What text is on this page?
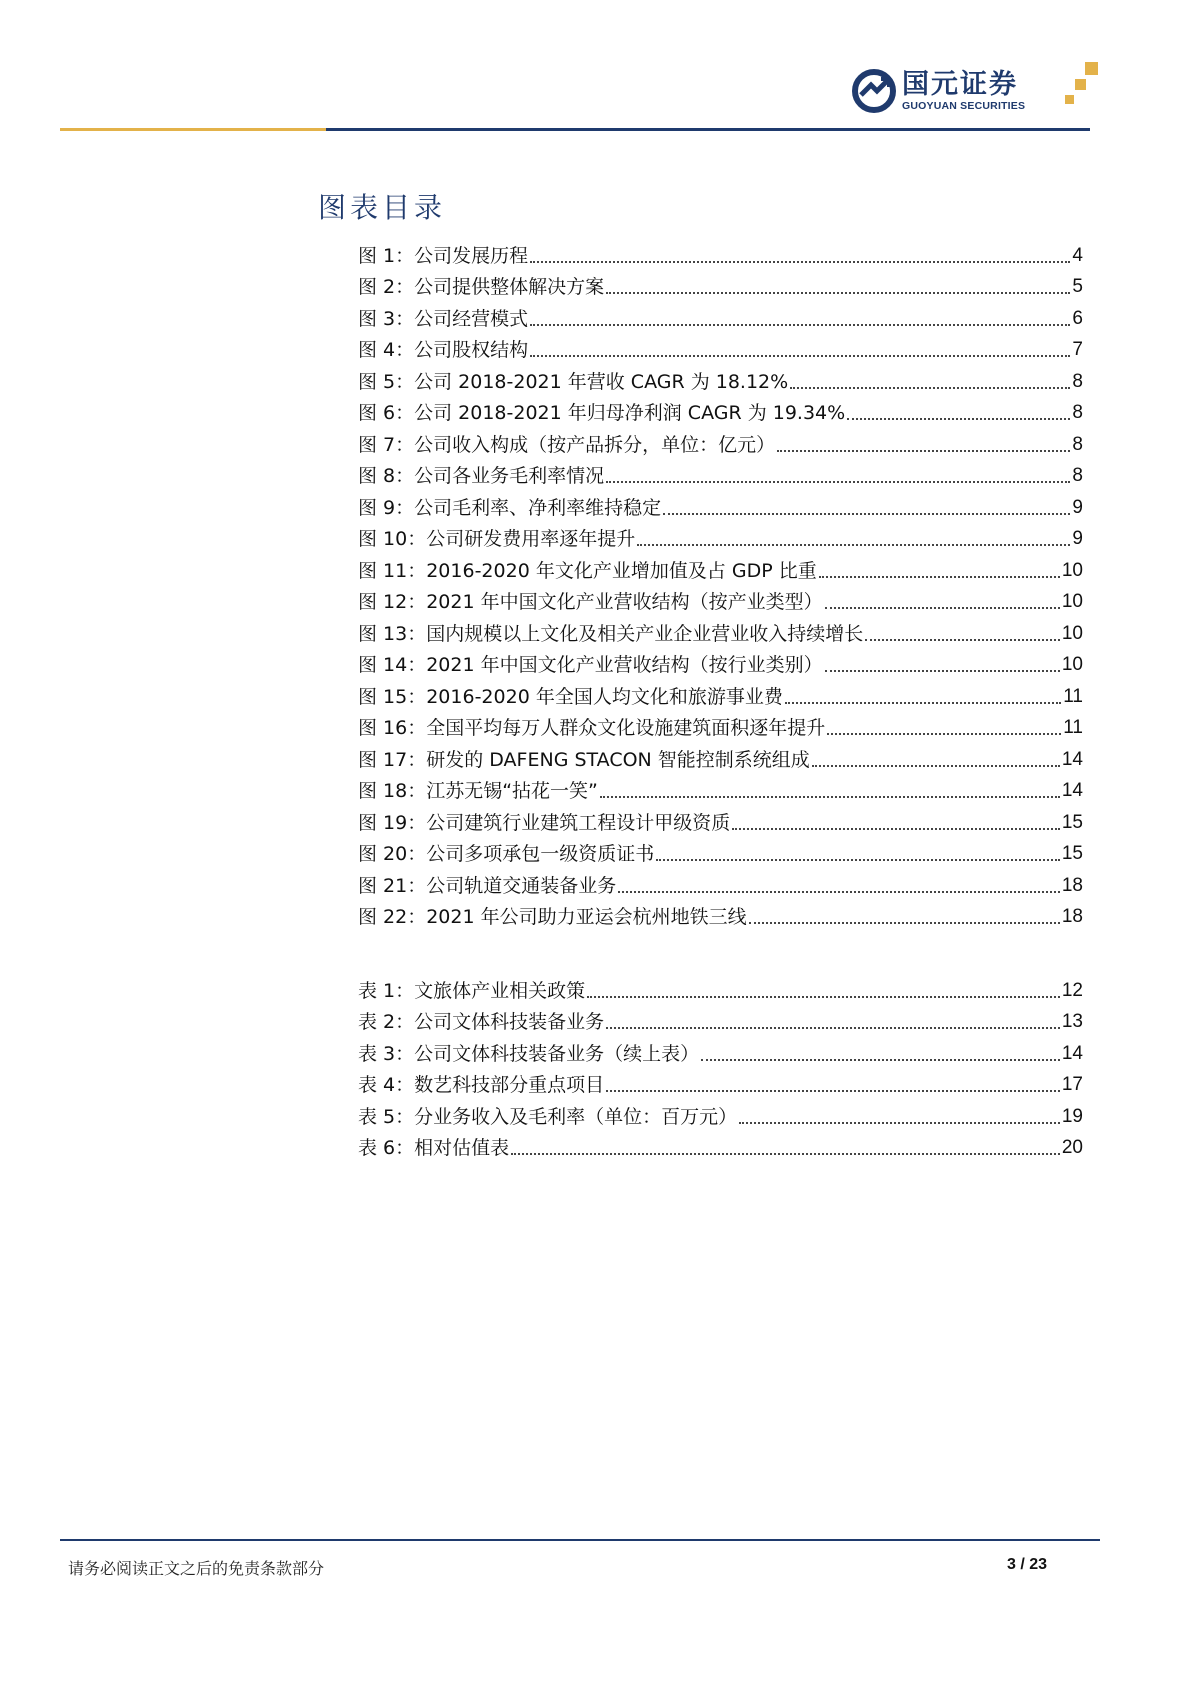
国元证券
GUOYUAN SECURITIES
图表目录
图 1：公司发展历程	4
图 2：公司提供整体解决方案	5
图 3：公司经营模式	6
图 4：公司股权结构	7
图 5：公司 2018-2021 年营收 CAGR 为 18.12%	8
图 6：公司 2018-2021 年归母净利润 CAGR 为 19.34%	8
图 7：公司收入构成（按产品拆分，单位：亿元）	8
图 8：公司各业务毛利率情况	8
图 9：公司毛利率、净利率维持稳定	9
图 10：公司研发费用率逐年提升	9
图 11：2016-2020 年文化产业增加值及占 GDP 比重	10
图 12：2021 年中国文化产业营收结构（按产业类型）	10
图 13：国内规模以上文化及相关产业企业营业收入持续增长	10
图 14：2021 年中国文化产业营收结构（按行业类别）	10
图 15：2016-2020 年全国人均文化和旅游事业费	11
图 16：全国平均每万人群众文化设施建筑面积逐年提升	11
图 17：研发的 DAFENG STACON 智能控制系统组成	14
图 18：江苏无锡“拈花一笑”	14
图 19：公司建筑行业建筑工程设计甲级资质	15
图 20：公司多项承包一级资质证书	15
图 21：公司轨道交通装备业务	18
图 22：2021 年公司助力亚运会杭州地铁三线	18
表 1：文旅体产业相关政策	12
表 2：公司文体科技装备业务	13
表 3：公司文体科技装备业务（续上表）	14
表 4：数艺科技部分重点项目	17
表 5：分业务收入及毛利率（单位：百万元）	19
表 6：相对估值表	20
请务必阅读正文之后的免责条款部分	3 / 23
